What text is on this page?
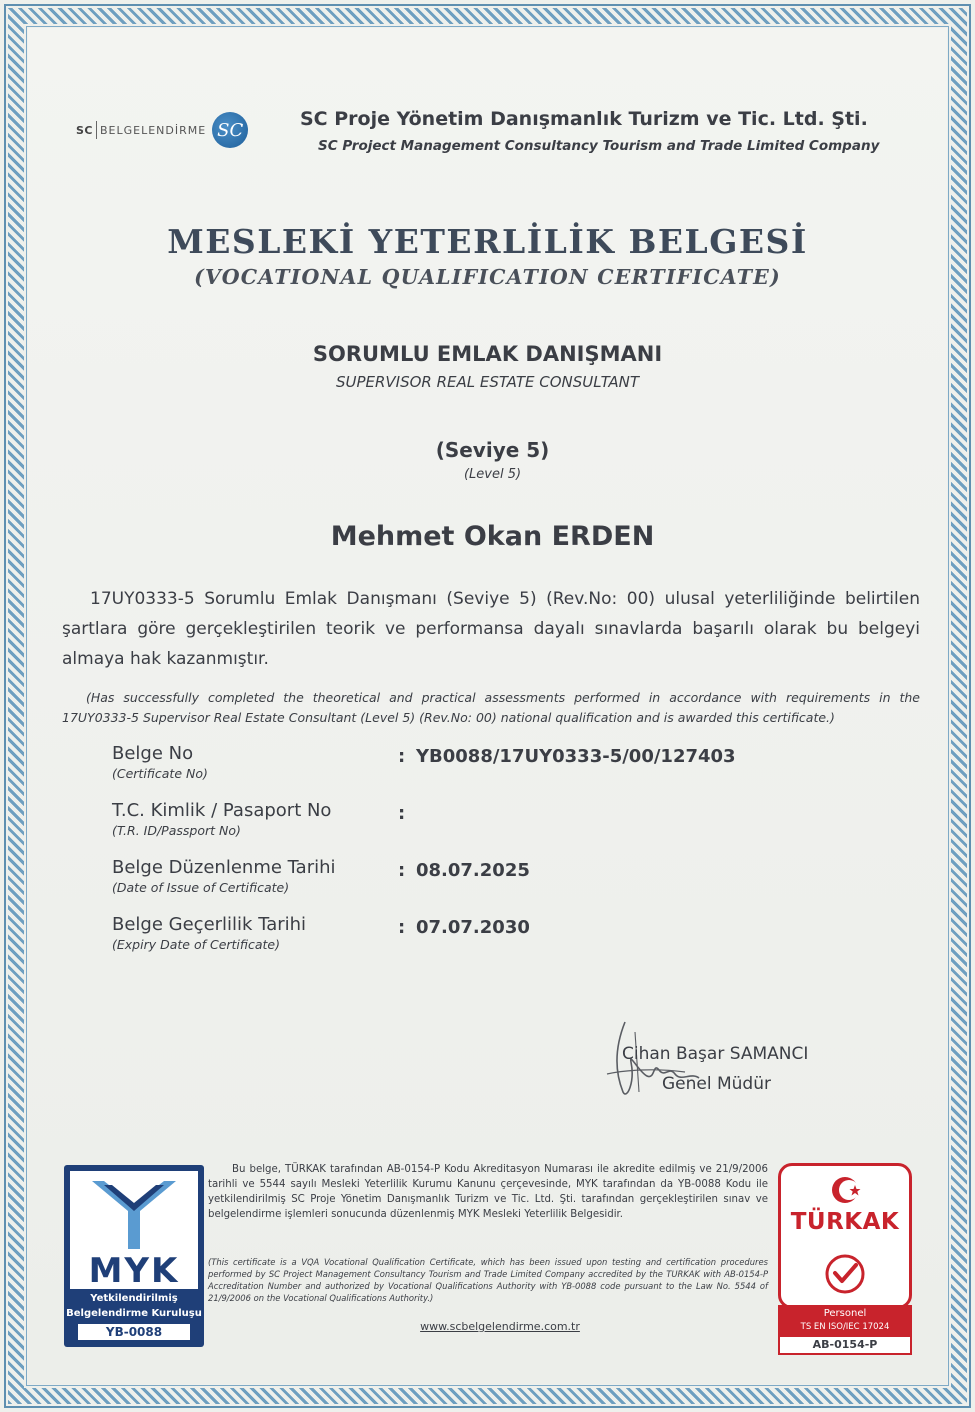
SC BELGELENDİRME SC	SC Proje Yönetim Danışmanlık Turizm ve Tic. Ltd. Şti.
SC Project Management Consultancy Tourism and Trade Limited Company
MESLEKİ YETERLİLİK BELGESİ
(VOCATIONAL QUALIFICATION CERTIFICATE)
SORUMLU EMLAK DANIŞMANI
SUPERVISOR REAL ESTATE CONSULTANT
(Seviye 5)
(Level 5)
Mehmet Okan ERDEN
17UY0333-5 Sorumlu Emlak Danışmanı (Seviye 5) (Rev.No: 00) ulusal yeterliliğinde belirtilen şartlara göre gerçekleştirilen teorik ve performansa dayalı sınavlarda başarılı olarak bu belgeyi almaya hak kazanmıştır.
(Has successfully completed the theoretical and practical assessments performed in accordance with requirements in the 17UY0333-5 Supervisor Real Estate Consultant (Level 5) (Rev.No: 00) national qualification and is awarded this certificate.)
Belge No
(Certificate No)
: YB0088/17UY0333-5/00/127403
T.C. Kimlik / Pasaport No
(T.R. ID/Passport No)
:
Belge Düzenlenme Tarihi
(Date of Issue of Certificate)
: 08.07.2025
Belge Geçerlilik Tarihi
(Expiry Date of Certificate)
: 07.07.2030
Cihan Başar SAMANCI
Genel Müdür
MYK
Yetkilendirilmiş
Belgelendirme Kuruluşu
YB-0088
Bu belge, TÜRKAK tarafından AB-0154-P Kodu Akreditasyon Numarası ile akredite edilmiş ve 21/9/2006 tarihli ve 5544 sayılı Mesleki Yeterlilik Kurumu Kanunu çerçevesinde, MYK tarafından da YB-0088 Kodu ile yetkilendirilmiş SC Proje Yönetim Danışmanlık Turizm ve Tic. Ltd. Şti. tarafından gerçekleştirilen sınav ve belgelendirme işlemleri sonucunda düzenlenmiş MYK Mesleki Yeterlilik Belgesidir.
(This certificate is a VQA Vocational Qualification Certificate, which has been issued upon testing and certification procedures performed by SC Project Management Consultancy Tourism and Trade Limited Company accredited by the TURKAK with AB-0154-P Accreditation Number and authorized by Vocational Qualifications Authority with YB-0088 code pursuant to the Law No. 5544 of 21/9/2006 on the Vocational Qualifications Authority.)
www.scbelgelendirme.com.tr
TÜRKAK
Personel
TS EN ISO/IEC 17024
AB-0154-P
